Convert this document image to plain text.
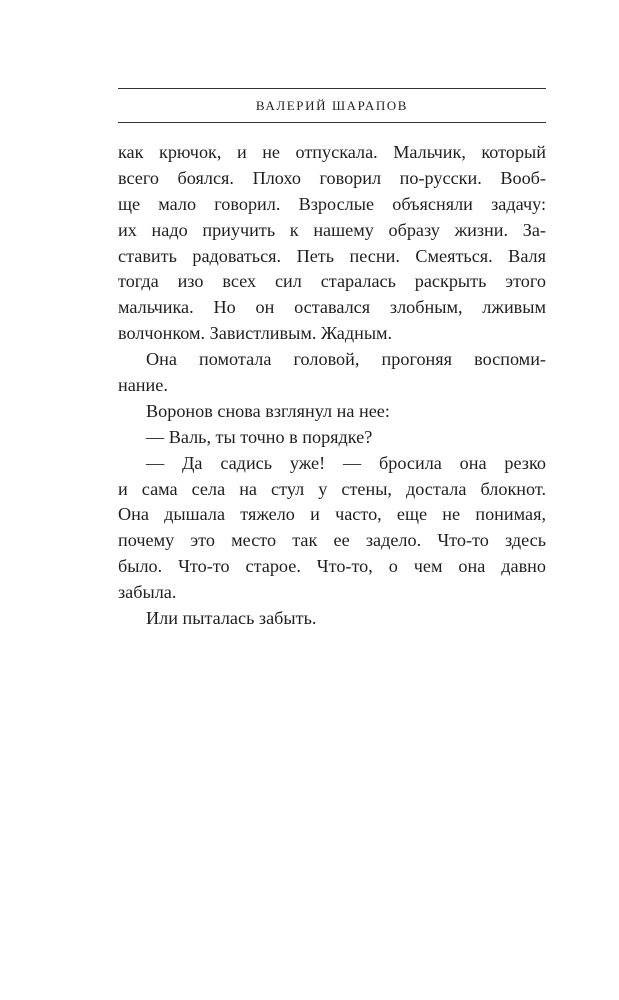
ВАЛЕРИЙ ШАРАПОВ
как крючок, и не отпускала. Мальчик, который
всего боялся. Плохо говорил по-русски. Вооб-
ще мало говорил. Взрослые объясняли задачу:
их надо приучить к нашему образу жизни. За-
ставить радоваться. Петь песни. Смеяться. Валя
тогда изо всех сил старалась раскрыть этого
мальчика. Но он оставался злобным, лживым
волчонком. Завистливым. Жадным.
Она помотала головой, прогоняя воспоми-
нание.
Воронов снова взглянул на нее:
— Валь, ты точно в порядке?
— Да садись уже! — бросила она резко
и сама села на стул у стены, достала блокнот.
Она дышала тяжело и часто, еще не понимая,
почему это место так ее задело. Что-то здесь
было. Что-то старое. Что-то, о чем она давно
забыла.
Или пыталась забыть.
